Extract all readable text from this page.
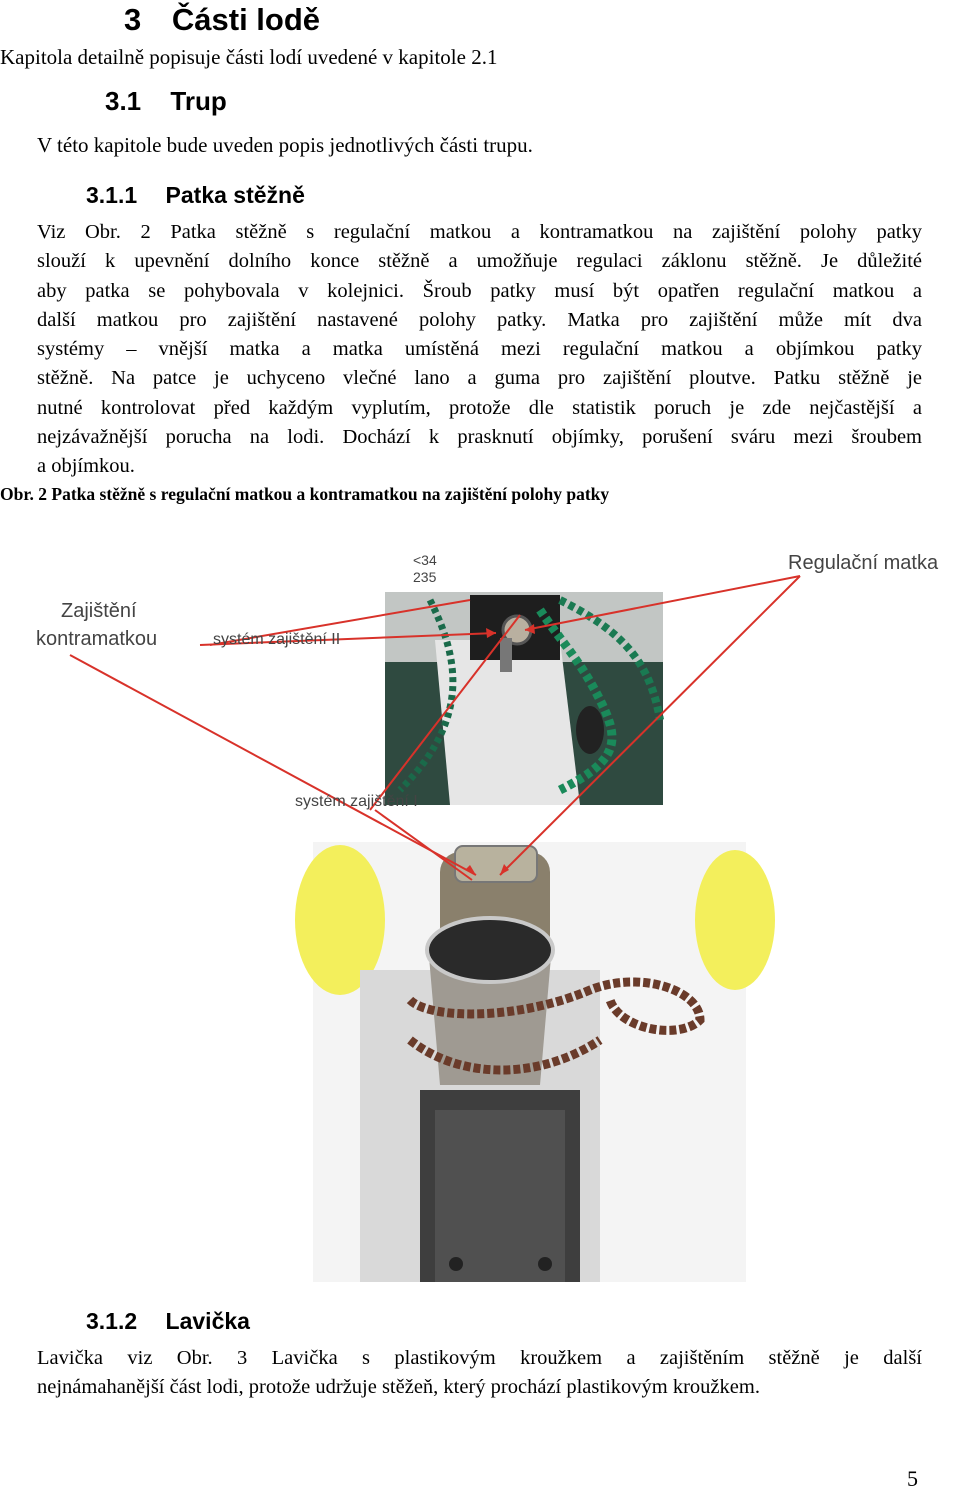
3 Části lodě
Kapitola detailně popisuje části lodí uvedené v kapitole 2.1
3.1 Trup
V této kapitole bude uveden popis jednotlivých části trupu.
3.1.1 Patka stěžně
Viz Obr. 2 Patka stěžně s regulační matkou a kontramatkou na zajištění polohy patky
slouží k upevnění dolního konce stěžně a umožňuje regulaci záklonu stěžně. Je důležité
aby patka se pohybovala v kolejnici. Šroub patky musí být opatřen regulační matkou a
další matkou pro zajištění nastavené polohy patky. Matka pro zajištění může mít dva
systémy – vnější matka a matka umístěná mezi regulační matkou a objímkou patky
stěžně. Na patce je uchyceno vlečné lano a guma pro zajištění ploutve. Patku stěžně je
nutné kontrolovat před každým vyplutím, protože dle statistik poruch je zde nejčastější a
nejzávažnější porucha na lodi. Dochází k prasknutí objímky, porušení sváru mezi šroubem
a objímkou.
Obr. 2 Patka stěžně s regulační matkou a kontramatkou na zajištění polohy patky
<34
235
Regulační matka
Zajištění
kontramatkou	systém zajištění II
systém zajištění I
3.1.2 Lavička
Lavička viz Obr. 3 Lavička s plastikovým kroužkem a zajištěním stěžně je další
nejnámahanější část lodi, protože udržuje stěžeň, který prochází plastikovým kroužkem.
5
